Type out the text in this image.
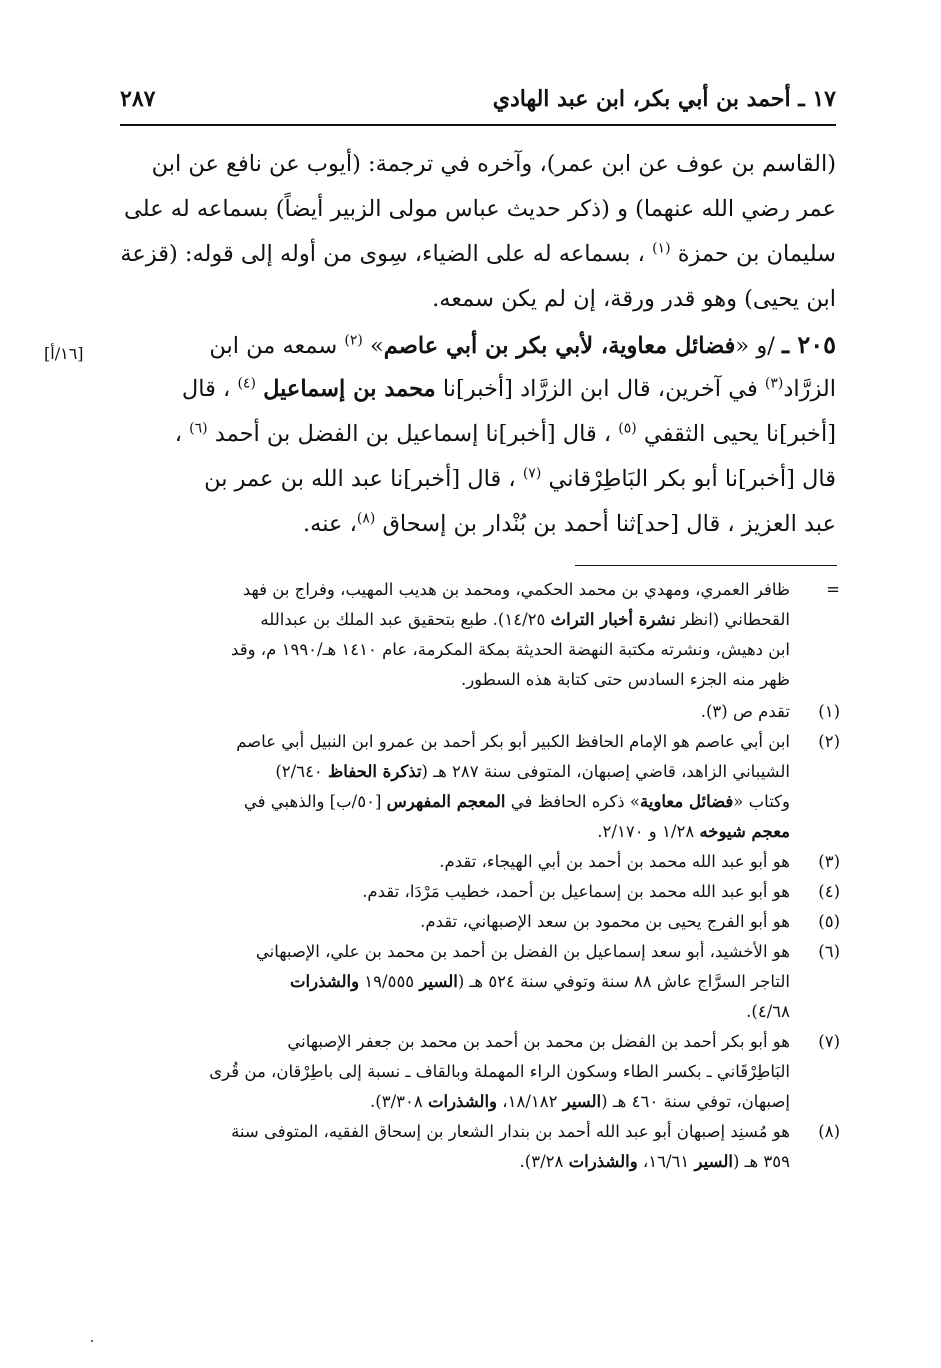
١٧ ـ أحمد بن أبي بكر، ابن عبد الهادي
٢٨٧
[١٦/أ]
(القاسم بن عوف عن ابن عمر)، وآخره في ترجمة: (أيوب عن نافع عن ابن
عمر رضي الله عنهما) و (ذكر حديث عباس مولى الزبير أيضاً) بسماعه له على
سليمان بن حمزة $^{(١)}$ ، بسماعه له على الضياء، سِوى من أوله إلى قوله: (قزعة
ابن يحيى) وهو قدر ورقة، إن لم يكن سمعه.
٢٠٥ ـ /و «فضائل معاوية، لأبي بكر بن أبي عاصم» $^{(٢)}$ سمعه من ابن
الزرَّاد$^{(٣)}$ في آخرين، قال ابن الزرَّاد [أخبر]نا محمد بن إسماعيل $^{(٤)}$ ، قال
[أخبر]نا يحيى الثقفي $^{(٥)}$ ، قال [أخبر]نا إسماعيل بن الفضل بن أحمد $^{(٦)}$ ،
قال [أخبر]نا أبو بكر البَاطِرْقاني $^{(٧)}$ ، قال [أخبر]نا عبد الله بن عمر بن
عبد العزيز ، قال [حد]ثنا أحمد بن بُنْدار بن إسحاق $^{(٨)}$، عنه.
=
ظافر العمري، ومهدي بن محمد الحكمي، ومحمد بن هديب المهيب، وفراج بن فهد
القحطاني (انظر نشرة أخبار التراث ١٤/٢٥). طبع بتحقيق عبد الملك بن عبدالله
ابن دهيش، ونشرته مكتبة النهضة الحديثة بمكة المكرمة، عام ١٤١٠ هـ/١٩٩٠ م، وقد
ظهر منه الجزء السادس حتى كتابة هذه السطور.
(١)
تقدم ص (٣).
(٢)
ابن أبي عاصم هو الإمام الحافظ الكبير أبو بكر أحمد بن عمرو ابن النبيل أبي عاصم
الشيباني الزاهد، قاضي إصبهان، المتوفى سنة ٢٨٧ هـ (تذكرة الحفاظ ٢/٦٤٠)
وكتاب «فضائل معاوية» ذكره الحافظ في المعجم المفهرس [٥٠/ب] والذهبي في
معجم شيوخه ١/٢٨ و ٢/١٧٠.
(٣)
هو أبو عبد الله محمد بن أحمد بن أبي الهيجاء، تقدم.
(٤)
هو أبو عبد الله محمد بن إسماعيل بن أحمد، خطيب مَرْدَا، تقدم.
(٥)
هو أبو الفرج يحيى بن محمود بن سعد الإصبهاني، تقدم.
(٦)
هو الأخشيد، أبو سعد إسماعيل بن الفضل بن أحمد بن محمد بن علي، الإصبهاني
التاجر السرَّاج عاش ٨٨ سنة وتوفي سنة ٥٢٤ هـ (السير ١٩/٥٥٥ والشذرات
٤/٦٨).
(٧)
هو أبو بكر أحمد بن الفضل بن محمد بن أحمد بن محمد بن جعفر الإصبهاني
البَاطِرْقَاني ـ بكسر الطاء وسكون الراء المهملة وبالقاف ـ نسبة إلى باطِرْقان، من قُرى
إصبهان، توفي سنة ٤٦٠ هـ (السير ١٨/١٨٢، والشذرات ٣/٣٠٨).
(٨)
هو مُسنِد إصبهان أبو عبد الله أحمد بن بندار الشعار بن إسحاق الفقيه، المتوفى سنة
٣٥٩ هـ (السير ١٦/٦١، والشذرات ٣/٢٨).
